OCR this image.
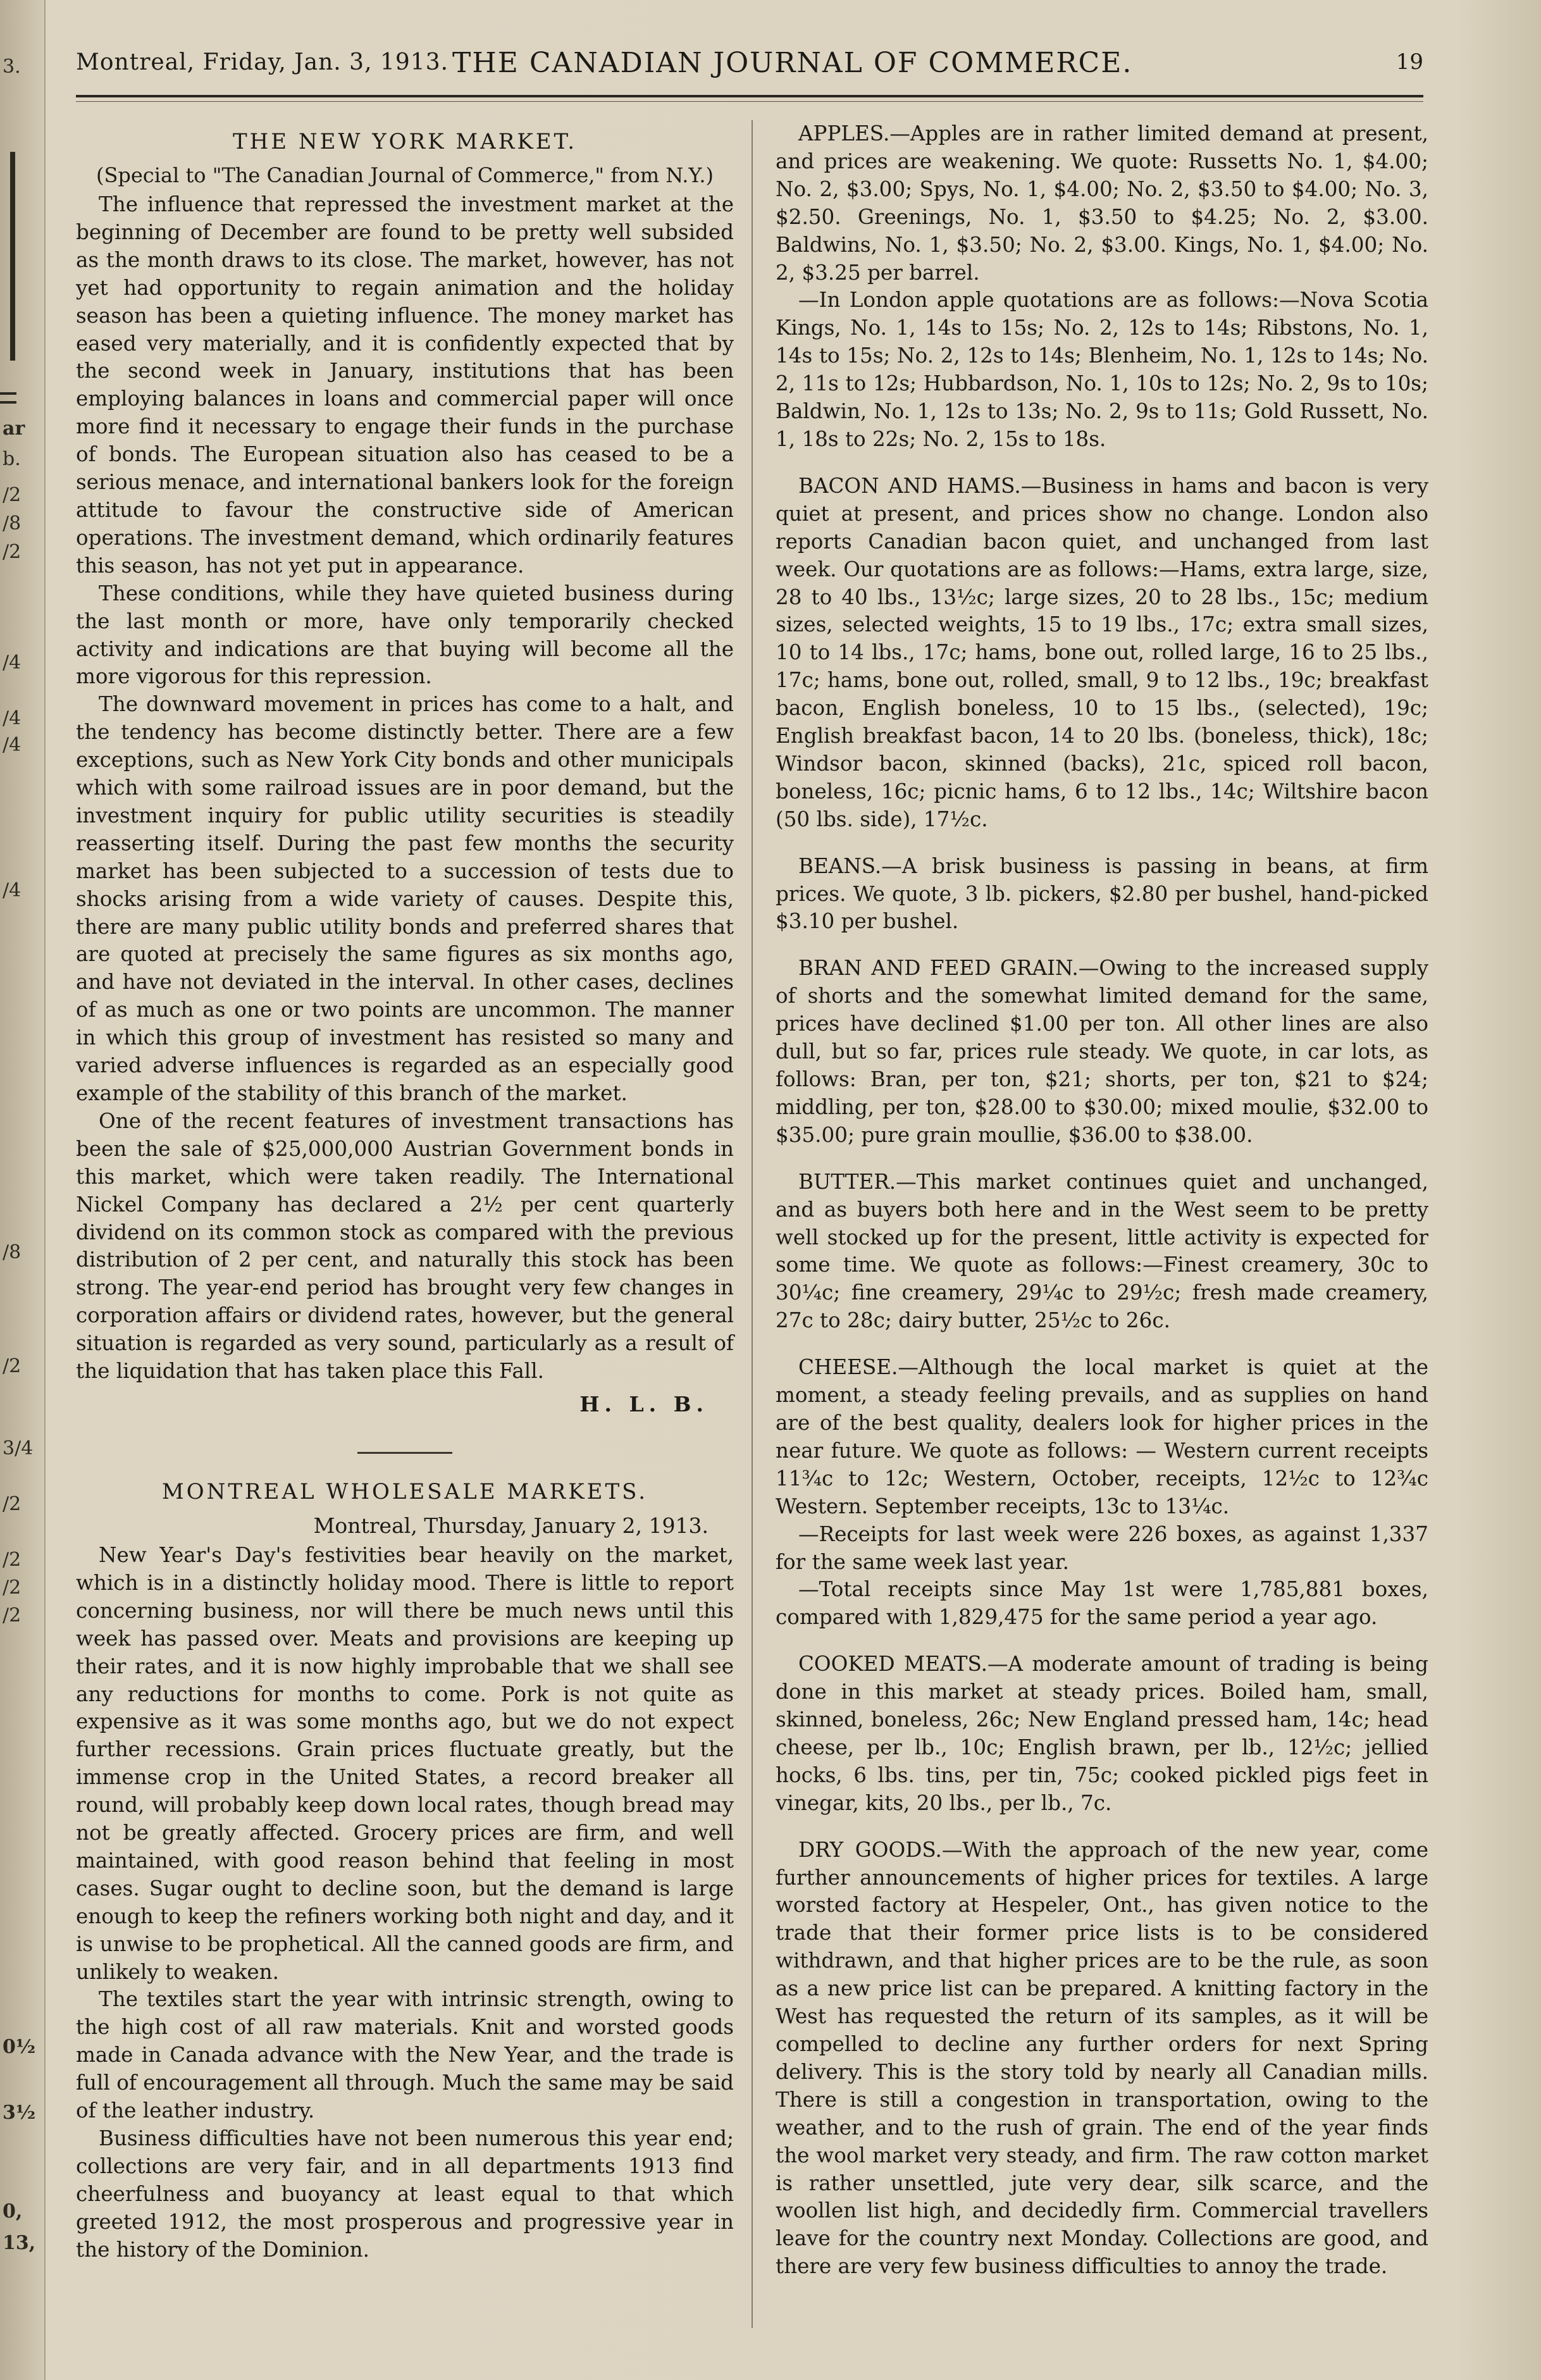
3.
ar
b.
/2
/8
/2
/4
/4
/4
/4
/8
/2
3/4
/2
/2
/2
/2
0½
3½
0,
13,
Montreal, Friday, Jan. 3, 1913. THE CANADIAN JOURNAL OF COMMERCE.	19
THE NEW YORK MARKET.
(Special to "The Canadian Journal of Commerce," from N.Y.)

The influence that repressed the investment market at the beginning of December are found to be pretty well subsided as the month draws to its close. The market, however, has not yet had opportunity to regain animation and the holiday season has been a quieting influence. The money market has eased very materially, and it is confidently expected that by the second week in January, institutions that has been employing balances in loans and commercial paper will once more find it necessary to engage their funds in the purchase of bonds. The European situation also has ceased to be a serious menace, and international bankers look for the foreign attitude to favour the constructive side of American operations. The investment demand, which ordinarily features this season, has not yet put in appearance.

These conditions, while they have quieted business during the last month or more, have only temporarily checked activity and indications are that buying will become all the more vigorous for this repression.

The downward movement in prices has come to a halt, and the tendency has become distinctly better. There are a few exceptions, such as New York City bonds and other municipals which with some railroad issues are in poor demand, but the investment inquiry for public utility securities is steadily reasserting itself. During the past few months the security market has been subjected to a succession of tests due to shocks arising from a wide variety of causes. Despite this, there are many public utility bonds and preferred shares that are quoted at precisely the same figures as six months ago, and have not deviated in the interval. In other cases, declines of as much as one or two points are uncommon. The manner in which this group of investment has resisted so many and varied adverse influences is regarded as an especially good example of the stability of this branch of the market.

One of the recent features of investment transactions has been the sale of $25,000,000 Austrian Government bonds in this market, which were taken readily. The International Nickel Company has declared a 2½ per cent quarterly dividend on its common stock as compared with the previous distribution of 2 per cent, and naturally this stock has been strong. The year-end period has brought very few changes in corporation affairs or dividend rates, however, but the general situation is regarded as very sound, particularly as a result of the liquidation that has taken place this Fall.

H. L. B.
MONTREAL WHOLESALE MARKETS.
Montreal, Thursday, January 2, 1913.

New Year's Day's festivities bear heavily on the market, which is in a distinctly holiday mood. There is little to report concerning business, nor will there be much news until this week has passed over. Meats and provisions are keeping up their rates, and it is now highly improbable that we shall see any reductions for months to come. Pork is not quite as expensive as it was some months ago, but we do not expect further recessions. Grain prices fluctuate greatly, but the immense crop in the United States, a record breaker all round, will probably keep down local rates, though bread may not be greatly affected. Grocery prices are firm, and well maintained, with good reason behind that feeling in most cases. Sugar ought to decline soon, but the demand is large enough to keep the refiners working both night and day, and it is unwise to be prophetical. All the canned goods are firm, and unlikely to weaken.

The textiles start the year with intrinsic strength, owing to the high cost of all raw materials. Knit and worsted goods made in Canada advance with the New Year, and the trade is full of encouragement all through. Much the same may be said of the leather industry.

Business difficulties have not been numerous this year end; collections are very fair, and in all departments 1913 find cheerfulness and buoyancy at least equal to that which greeted 1912, the most prosperous and progressive year in the history of the Dominion.

APPLES.—Apples are in rather limited demand at present, and prices are weakening. We quote: Russetts No. 1, $4.00; No. 2, $3.00; Spys, No. 1, $4.00; No. 2, $3.50 to $4.00; No. 3, $2.50. Greenings, No. 1, $3.50 to $4.25; No. 2, $3.00. Baldwins, No. 1, $3.50; No. 2, $3.00. Kings, No. 1, $4.00; No. 2, $3.25 per barrel.

—In London apple quotations are as follows:—Nova Scotia Kings, No. 1, 14s to 15s; No. 2, 12s to 14s; Ribstons, No. 1, 14s to 15s; No. 2, 12s to 14s; Blenheim, No. 1, 12s to 14s; No. 2, 11s to 12s; Hubbardson, No. 1, 10s to 12s; No. 2, 9s to 10s; Baldwin, No. 1, 12s to 13s; No. 2, 9s to 11s; Gold Russett, No. 1, 18s to 22s; No. 2, 15s to 18s.

BACON AND HAMS.—Business in hams and bacon is very quiet at present, and prices show no change. London also reports Canadian bacon quiet, and unchanged from last week. Our quotations are as follows:—Hams, extra large, size, 28 to 40 lbs., 13½c; large sizes, 20 to 28 lbs., 15c; medium sizes, selected weights, 15 to 19 lbs., 17c; extra small sizes, 10 to 14 lbs., 17c; hams, bone out, rolled large, 16 to 25 lbs., 17c; hams, bone out, rolled, small, 9 to 12 lbs., 19c; breakfast bacon, English boneless, 10 to 15 lbs., (selected), 19c; English breakfast bacon, 14 to 20 lbs. (boneless, thick), 18c; Windsor bacon, skinned (backs), 21c, spiced roll bacon, boneless, 16c; picnic hams, 6 to 12 lbs., 14c; Wiltshire bacon (50 lbs. side), 17½c.

BEANS.—A brisk business is passing in beans, at firm prices. We quote, 3 lb. pickers, $2.80 per bushel, hand-picked $3.10 per bushel.

BRAN AND FEED GRAIN.—Owing to the increased supply of shorts and the somewhat limited demand for the same, prices have declined $1.00 per ton. All other lines are also dull, but so far, prices rule steady. We quote, in car lots, as follows: Bran, per ton, $21; shorts, per ton, $21 to $24; middling, per ton, $28.00 to $30.00; mixed moulie, $32.00 to $35.00; pure grain moullie, $36.00 to $38.00.

BUTTER.—This market continues quiet and unchanged, and as buyers both here and in the West seem to be pretty well stocked up for the present, little activity is expected for some time. We quote as follows:—Finest creamery, 30c to 30¼c; fine creamery, 29¼c to 29½c; fresh made creamery, 27c to 28c; dairy butter, 25½c to 26c.

CHEESE.—Although the local market is quiet at the moment, a steady feeling prevails, and as supplies on hand are of the best quality, dealers look for higher prices in the near future. We quote as follows: — Western current receipts 11¾c to 12c; Western, October, receipts, 12½c to 12¾c Western. September receipts, 13c to 13¼c.

—Receipts for last week were 226 boxes, as against 1,337 for the same week last year.

—Total receipts since May 1st were 1,785,881 boxes, compared with 1,829,475 for the same period a year ago.

COOKED MEATS.—A moderate amount of trading is being done in this market at steady prices. Boiled ham, small, skinned, boneless, 26c; New England pressed ham, 14c; head cheese, per lb., 10c; English brawn, per lb., 12½c; jellied hocks, 6 lbs. tins, per tin, 75c; cooked pickled pigs feet in vinegar, kits, 20 lbs., per lb., 7c.

DRY GOODS.—With the approach of the new year, come further announcements of higher prices for textiles. A large worsted factory at Hespeler, Ont., has given notice to the trade that their former price lists is to be considered withdrawn, and that higher prices are to be the rule, as soon as a new price list can be prepared. A knitting factory in the West has requested the return of its samples, as it will be compelled to decline any further orders for next Spring delivery. This is the story told by nearly all Canadian mills. There is still a congestion in transportation, owing to the weather, and to the rush of grain. The end of the year finds the wool market very steady, and firm. The raw cotton market is rather unsettled, jute very dear, silk scarce, and the woollen list high, and decidedly firm. Commercial travellers leave for the country next Monday. Collections are good, and there are very few business difficulties to annoy the trade.
